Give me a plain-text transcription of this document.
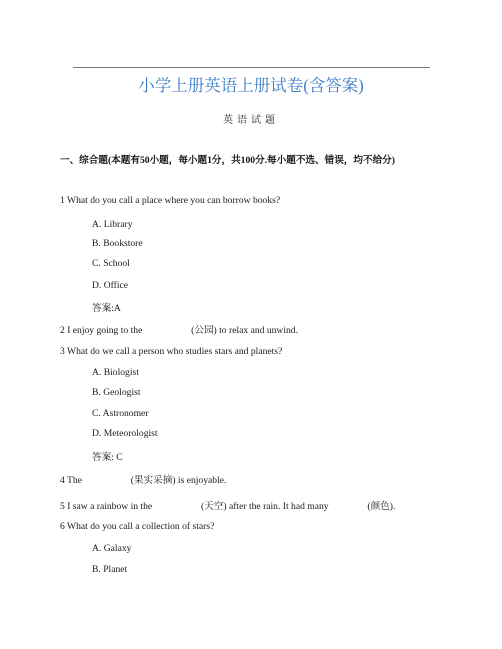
小学上册英语上册试卷(含答案)
英语试题
一、综合题(本题有50小题，每小题1分，共100分.每小题不选、错误，均不给分)
1 What do you call a place where you can borrow books?
A. Library
B. Bookstore
C. School
D. Office
答案:A
2 I enjoy going to the	(公园) to relax and unwind.
3 What do we call a person who studies stars and planets?
A. Biologist
B. Geologist
C. Astronomer
D. Meteorologist
答案: C
4 The	(果实采摘) is enjoyable.
5 I saw a rainbow in the	(天空) after the rain. It had many	(颜色).
6 What do you call a collection of stars?
A. Galaxy
B. Planet
